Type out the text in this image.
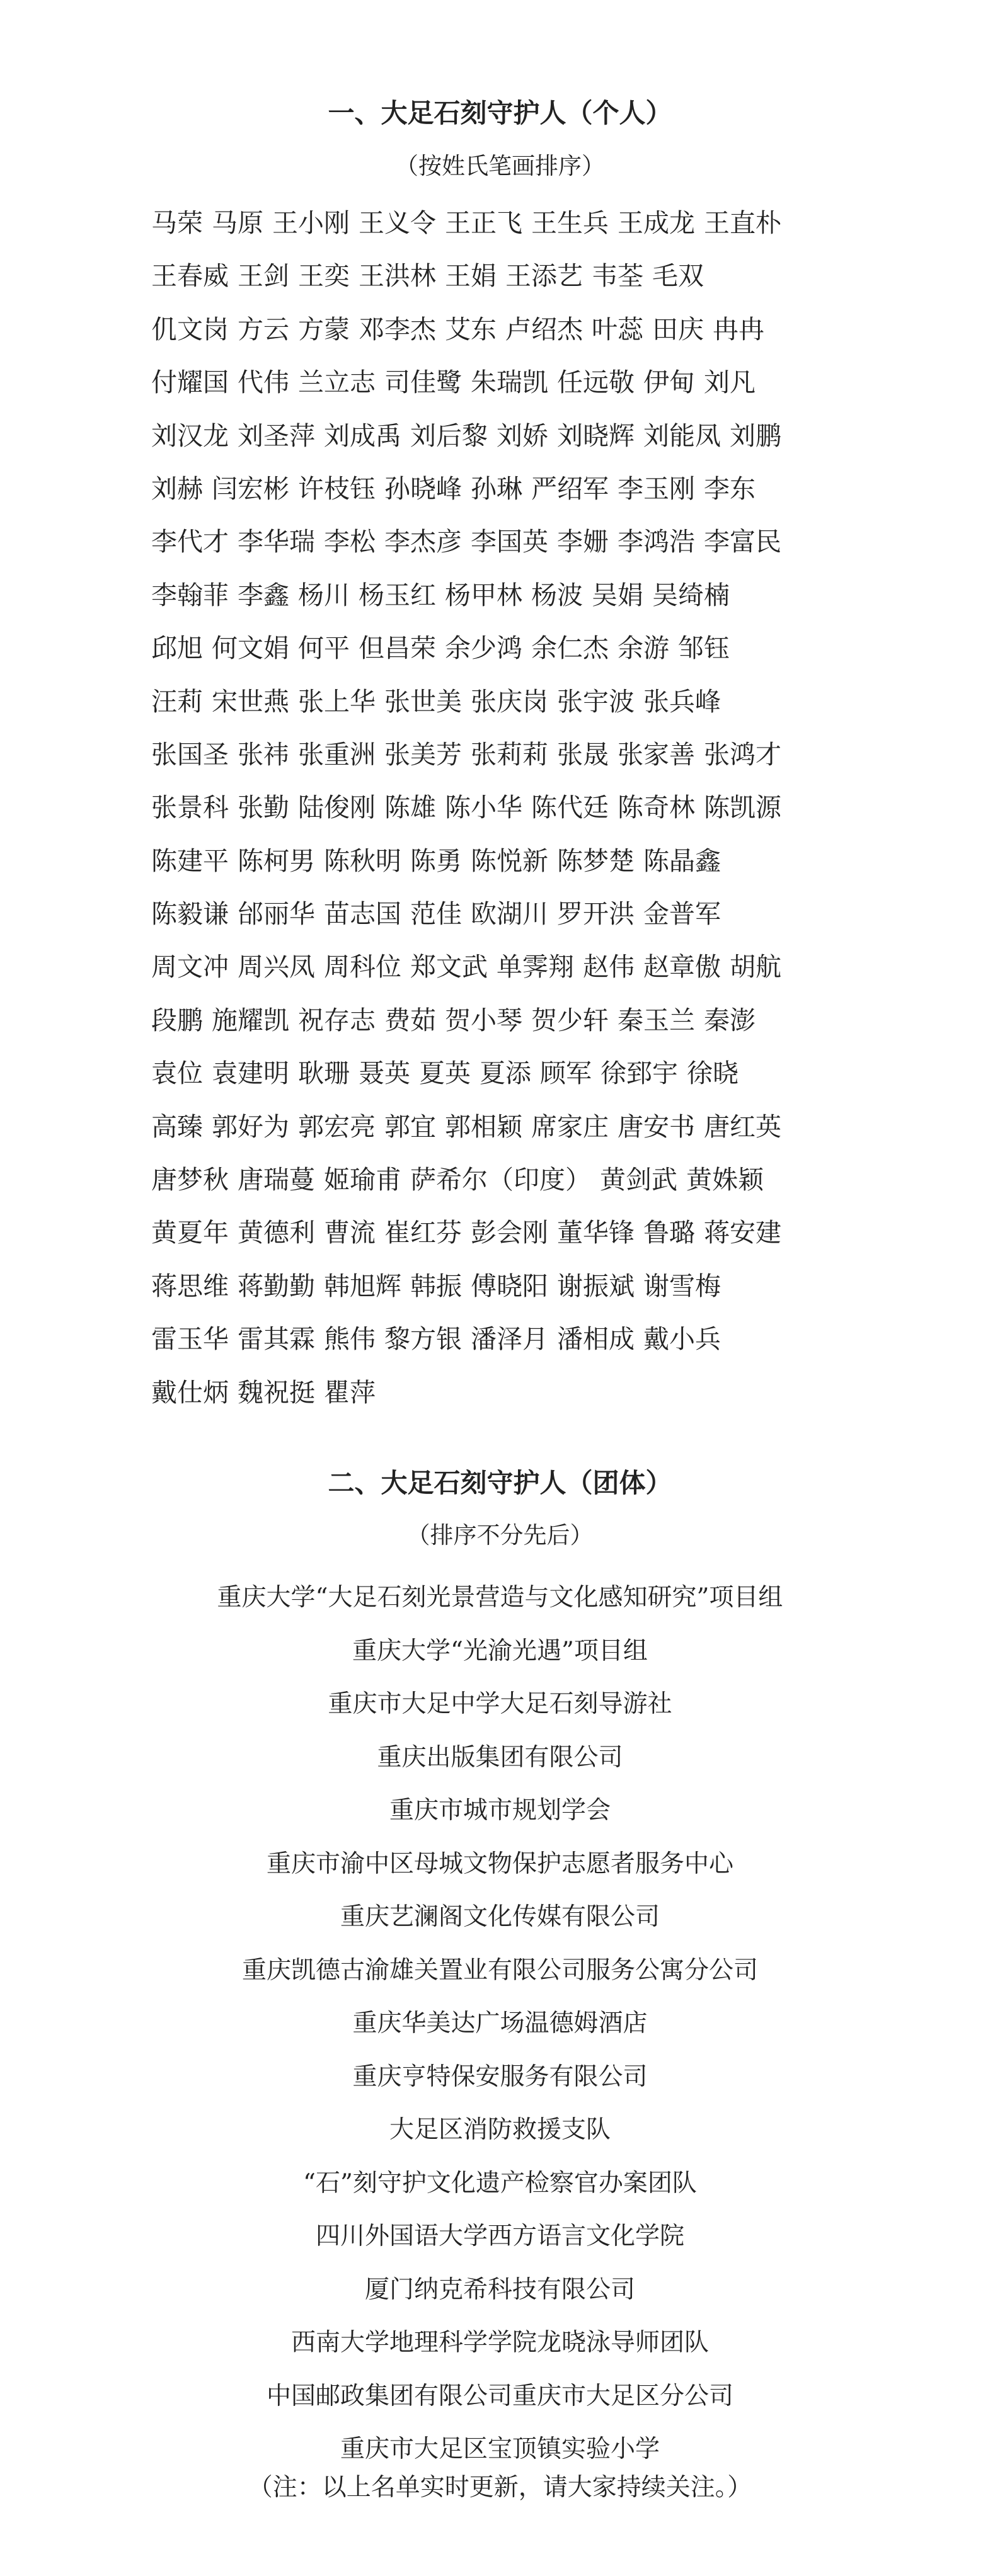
一、大足石刻守护人（个人）
（按姓氏笔画排序）
马荣 马原 王小刚 王义令 王正飞 王生兵 王成龙 王直朴
王春威 王剑 王奕 王洪林 王娟 王添艺 韦荃 毛双
仉文岗 方云 方蒙 邓李杰 艾东 卢绍杰 叶蕊 田庆 冉冉
付耀国 代伟 兰立志 司佳鹭 朱瑞凯 任远敬 伊甸 刘凡
刘汉龙 刘圣萍 刘成禹 刘后黎 刘娇 刘晓辉 刘能凤 刘鹏
刘赫 闫宏彬 许枝钰 孙晓峰 孙琳 严绍军 李玉刚 李东
李代才 李华瑞 李松 李杰彦 李国英 李姗 李鸿浩 李富民
李翰菲 李鑫 杨川 杨玉红 杨甲林 杨波 吴娟 吴绮楠
邱旭 何文娟 何平 但昌荣 余少鸿 余仁杰 余游 邹钰
汪莉 宋世燕 张上华 张世美 张庆岗 张宇波 张兵峰
张国圣 张祎 张重洲 张美芳 张莉莉 张晟 张家善 张鸿才
张景科 张勤 陆俊刚 陈雄 陈小华 陈代廷 陈奇林 陈凯源
陈建平 陈柯男 陈秋明 陈勇 陈悦新 陈梦楚 陈晶鑫
陈毅谦 邰丽华 苗志国 范佳 欧湖川 罗开洪 金普军
周文冲 周兴凤 周科位 郑文武 单霁翔 赵伟 赵章傲 胡航
段鹏 施耀凯 祝存志 费茹 贺小琴 贺少轩 秦玉兰 秦澎
袁位 袁建明 耿珊 聂英 夏英 夏添 顾军 徐郅宇 徐晓
高臻 郭好为 郭宏亮 郭宜 郭相颖 席家庄 唐安书 唐红英
唐梦秋 唐瑞蔓 姬瑜甫 萨希尔（印度） 黄剑武 黄姝颖
黄夏年 黄德利 曹流 崔红芬 彭会刚 董华锋 鲁璐 蒋安建
蒋思维 蒋勤勤 韩旭辉 韩振 傅晓阳 谢振斌 谢雪梅
雷玉华 雷其霖 熊伟 黎方银 潘泽月 潘相成 戴小兵
戴仕炳 魏祝挺 瞿萍
二、大足石刻守护人（团体）
（排序不分先后）
重庆大学“大足石刻光景营造与文化感知研究”项目组
重庆大学“光渝光遇”项目组
重庆市大足中学大足石刻导游社
重庆出版集团有限公司
重庆市城市规划学会
重庆市渝中区母城文物保护志愿者服务中心
重庆艺澜阁文化传媒有限公司
重庆凯德古渝雄关置业有限公司服务公寓分公司
重庆华美达广场温德姆酒店
重庆亨特保安服务有限公司
大足区消防救援支队
“石”刻守护文化遗产检察官办案团队
四川外国语大学西方语言文化学院
厦门纳克希科技有限公司
西南大学地理科学学院龙晓泳导师团队
中国邮政集团有限公司重庆市大足区分公司
重庆市大足区宝顶镇实验小学
（注：以上名单实时更新，请大家持续关注。）
